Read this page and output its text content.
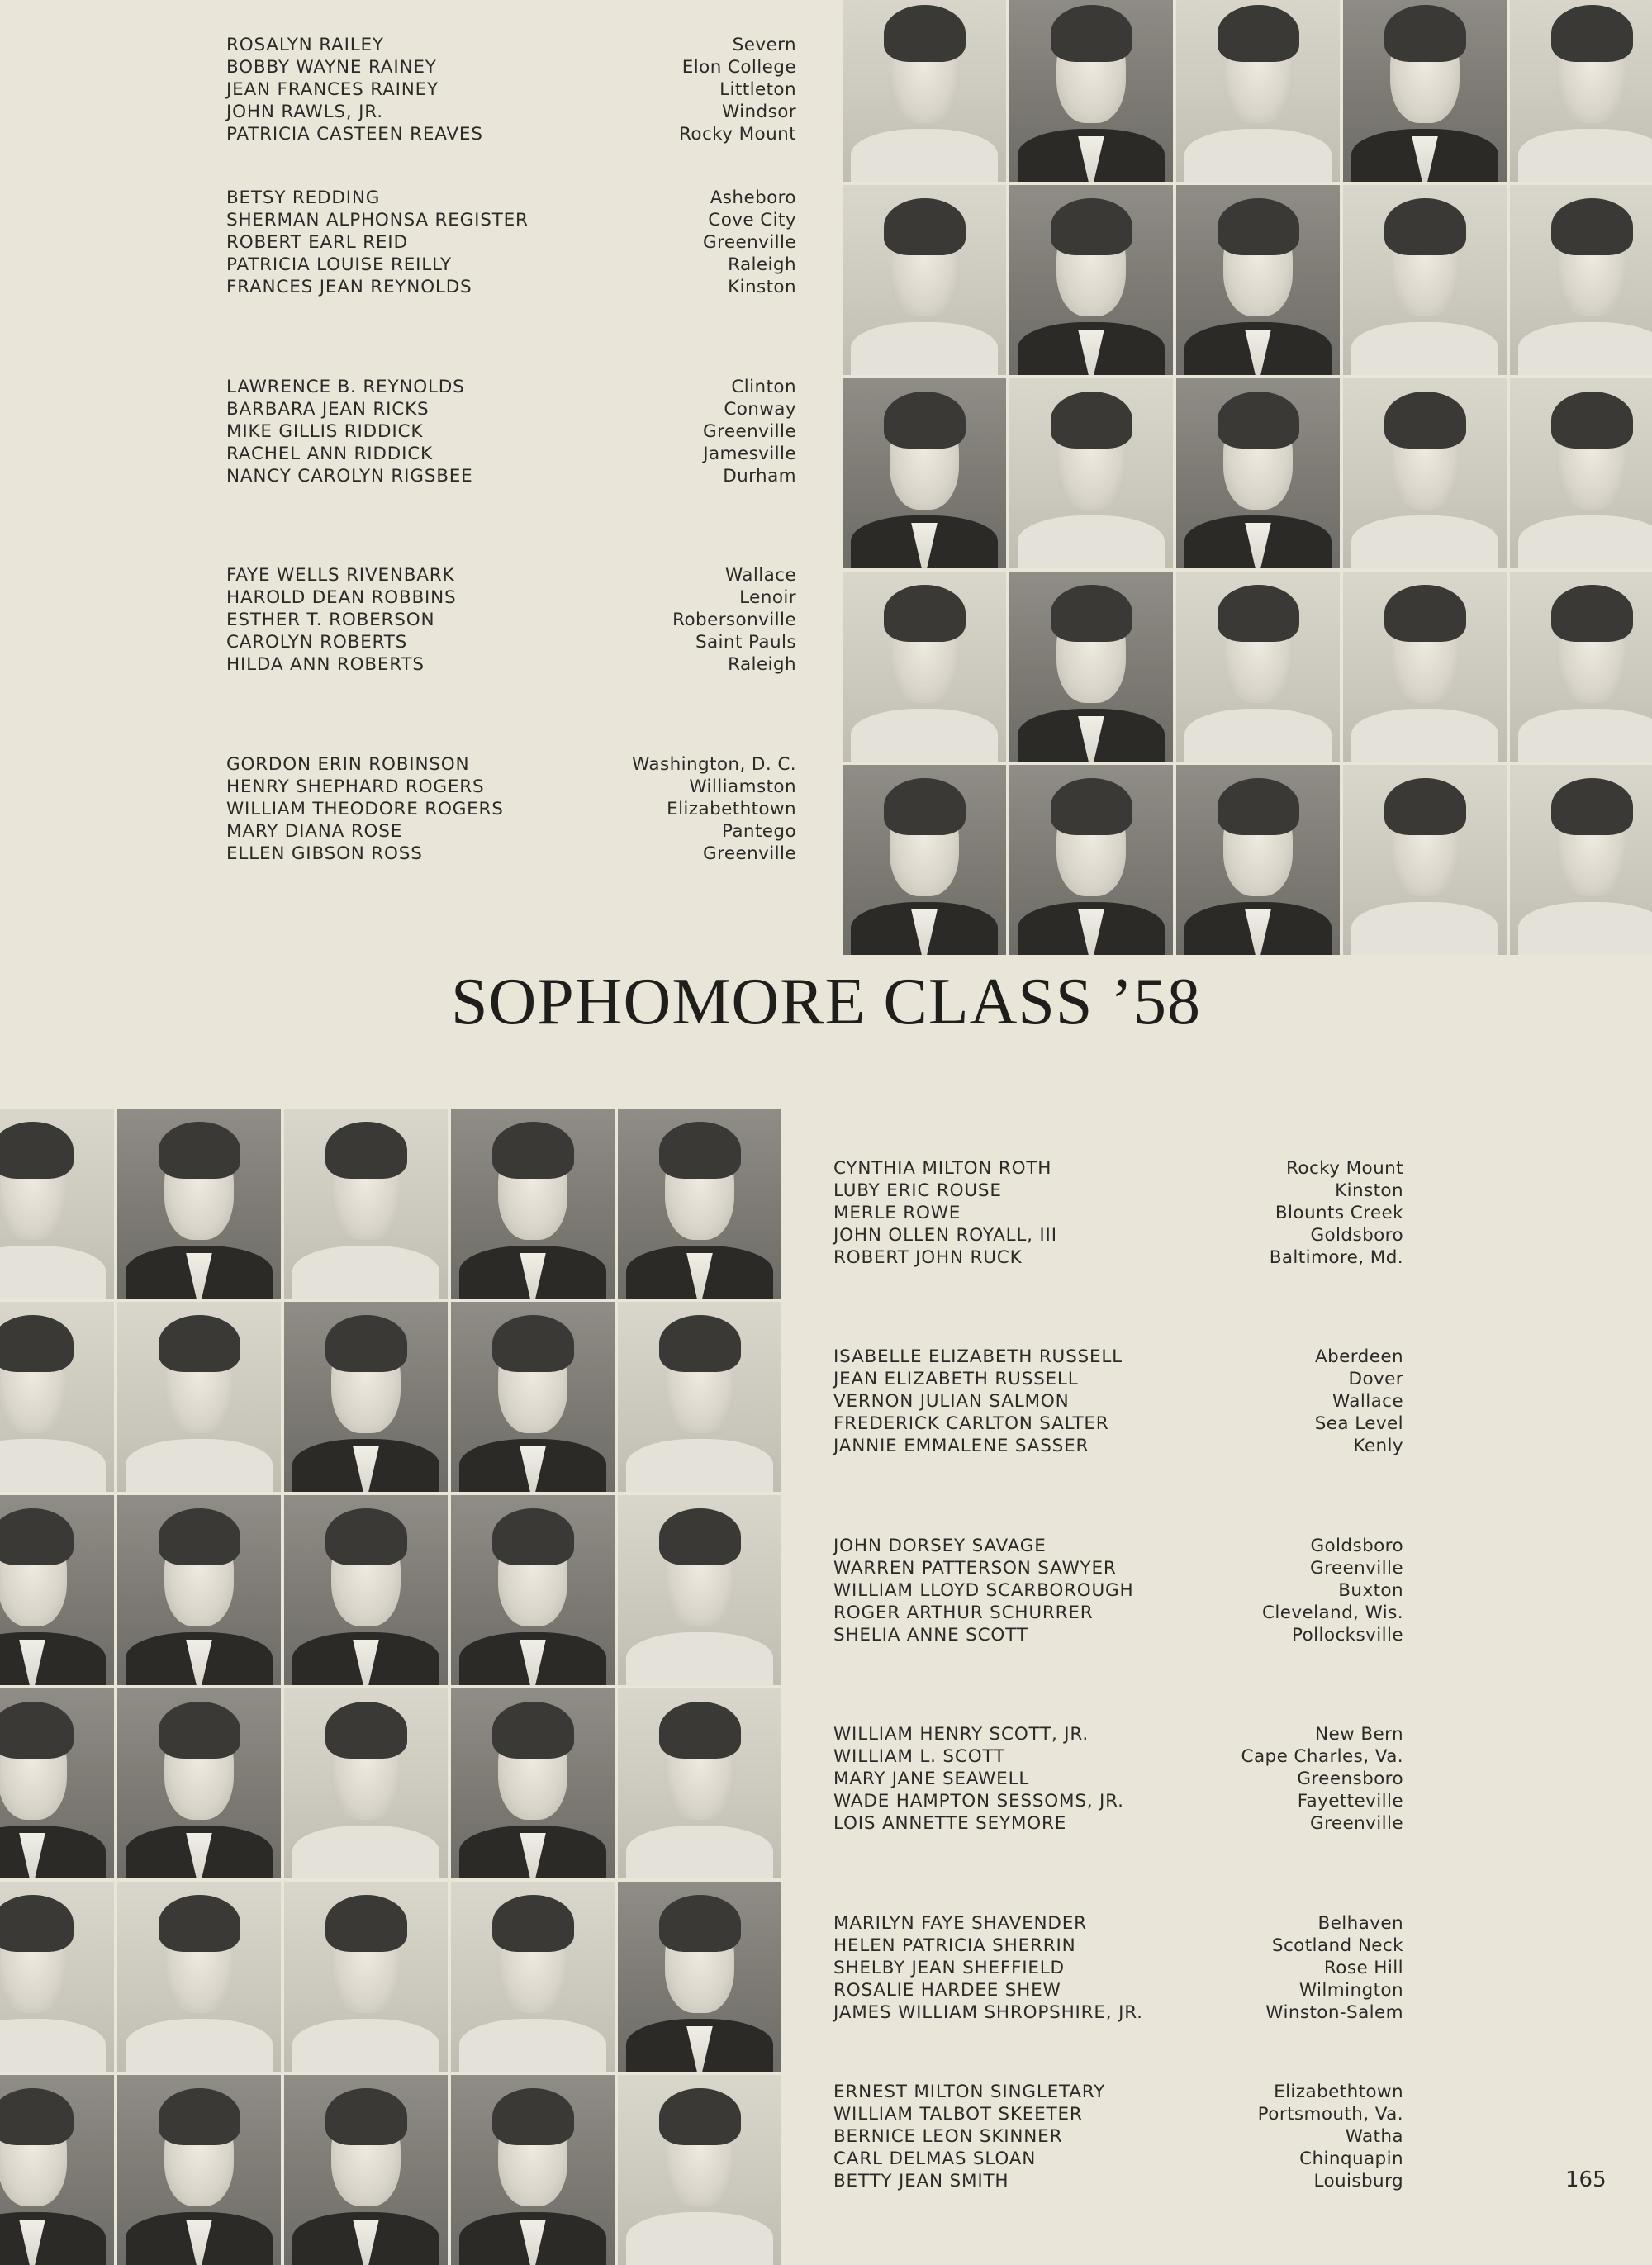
ROSALYN RAILEY	Severn
BOBBY WAYNE RAINEY	Elon College
JEAN FRANCES RAINEY	Littleton
JOHN RAWLS, JR.	Windsor
PATRICIA CASTEEN REAVES	Rocky Mount
BETSY REDDING	Asheboro
SHERMAN ALPHONSA REGISTER	Cove City
ROBERT EARL REID	Greenville
PATRICIA LOUISE REILLY	Raleigh
FRANCES JEAN REYNOLDS	Kinston
LAWRENCE B. REYNOLDS	Clinton
BARBARA JEAN RICKS	Conway
MIKE GILLIS RIDDICK	Greenville
RACHEL ANN RIDDICK	Jamesville
NANCY CAROLYN RIGSBEE	Durham
FAYE WELLS RIVENBARK	Wallace
HAROLD DEAN ROBBINS	Lenoir
ESTHER T. ROBERSON	Robersonville
CAROLYN ROBERTS	Saint Pauls
HILDA ANN ROBERTS	Raleigh
GORDON ERIN ROBINSON	Washington, D. C.
HENRY SHEPHARD ROGERS	Williamston
WILLIAM THEODORE ROGERS	Elizabethtown
MARY DIANA ROSE	Pantego
ELLEN GIBSON ROSS	Greenville
SOPHOMORE CLASS ’58
CYNTHIA MILTON ROTH	Rocky Mount
LUBY ERIC ROUSE	Kinston
MERLE ROWE	Blounts Creek
JOHN OLLEN ROYALL, III	Goldsboro
ROBERT JOHN RUCK	Baltimore, Md.
ISABELLE ELIZABETH RUSSELL	Aberdeen
JEAN ELIZABETH RUSSELL	Dover
VERNON JULIAN SALMON	Wallace
FREDERICK CARLTON SALTER	Sea Level
JANNIE EMMALENE SASSER	Kenly
JOHN DORSEY SAVAGE	Goldsboro
WARREN PATTERSON SAWYER	Greenville
WILLIAM LLOYD SCARBOROUGH	Buxton
ROGER ARTHUR SCHURRER	Cleveland, Wis.
SHELIA ANNE SCOTT	Pollocksville
WILLIAM HENRY SCOTT, JR.	New Bern
WILLIAM L. SCOTT	Cape Charles, Va.
MARY JANE SEAWELL	Greensboro
WADE HAMPTON SESSOMS, JR.	Fayetteville
LOIS ANNETTE SEYMORE	Greenville
MARILYN FAYE SHAVENDER	Belhaven
HELEN PATRICIA SHERRIN	Scotland Neck
SHELBY JEAN SHEFFIELD	Rose Hill
ROSALIE HARDEE SHEW	Wilmington
JAMES WILLIAM SHROPSHIRE, JR.	Winston-Salem
ERNEST MILTON SINGLETARY	Elizabethtown
WILLIAM TALBOT SKEETER	Portsmouth, Va.
BERNICE LEON SKINNER	Watha
CARL DELMAS SLOAN	Chinquapin
BETTY JEAN SMITH	Louisburg	165
